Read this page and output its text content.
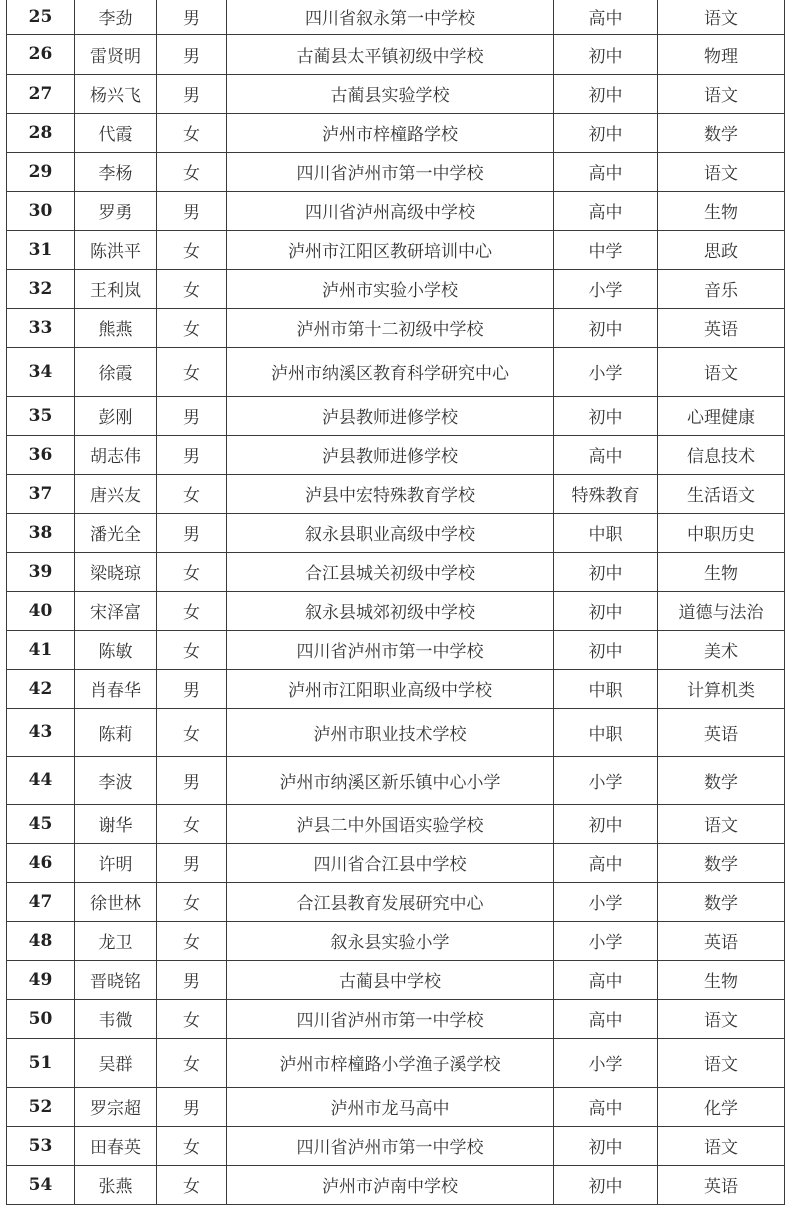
25	李劲	男	四川省叙永第一中学校	高中	语文
26	雷贤明	男	古蔺县太平镇初级中学校	初中	物理
27	杨兴飞	男	古蔺县实验学校	初中	语文
28	代霞	女	泸州市梓橦路学校	初中	数学
29	李杨	女	四川省泸州市第一中学校	高中	语文
30	罗勇	男	四川省泸州高级中学校	高中	生物
31	陈洪平	女	泸州市江阳区教研培训中心	中学	思政
32	王利岚	女	泸州市实验小学校	小学	音乐
33	熊燕	女	泸州市第十二初级中学校	初中	英语
34	徐霞	女	泸州市纳溪区教育科学研究中心	小学	语文
35	彭刚	男	泸县教师进修学校	初中	心理健康
36	胡志伟	男	泸县教师进修学校	高中	信息技术
37	唐兴友	女	泸县中宏特殊教育学校	特殊教育	生活语文
38	潘光全	男	叙永县职业高级中学校	中职	中职历史
39	梁晓琼	女	合江县城关初级中学校	初中	生物
40	宋泽富	女	叙永县城郊初级中学校	初中	道德与法治
41	陈敏	女	四川省泸州市第一中学校	初中	美术
42	肖春华	男	泸州市江阳职业高级中学校	中职	计算机类
43	陈莉	女	泸州市职业技术学校	中职	英语
44	李波	男	泸州市纳溪区新乐镇中心小学	小学	数学
45	谢华	女	泸县二中外国语实验学校	初中	语文
46	许明	男	四川省合江县中学校	高中	数学
47	徐世林	女	合江县教育发展研究中心	小学	数学
48	龙卫	女	叙永县实验小学	小学	英语
49	晋晓铭	男	古蔺县中学校	高中	生物
50	韦微	女	四川省泸州市第一中学校	高中	语文
51	吴群	女	泸州市梓橦路小学渔子溪学校	小学	语文
52	罗宗超	男	泸州市龙马高中	高中	化学
53	田春英	女	四川省泸州市第一中学校	初中	语文
54	张燕	女	泸州市泸南中学校	初中	英语
